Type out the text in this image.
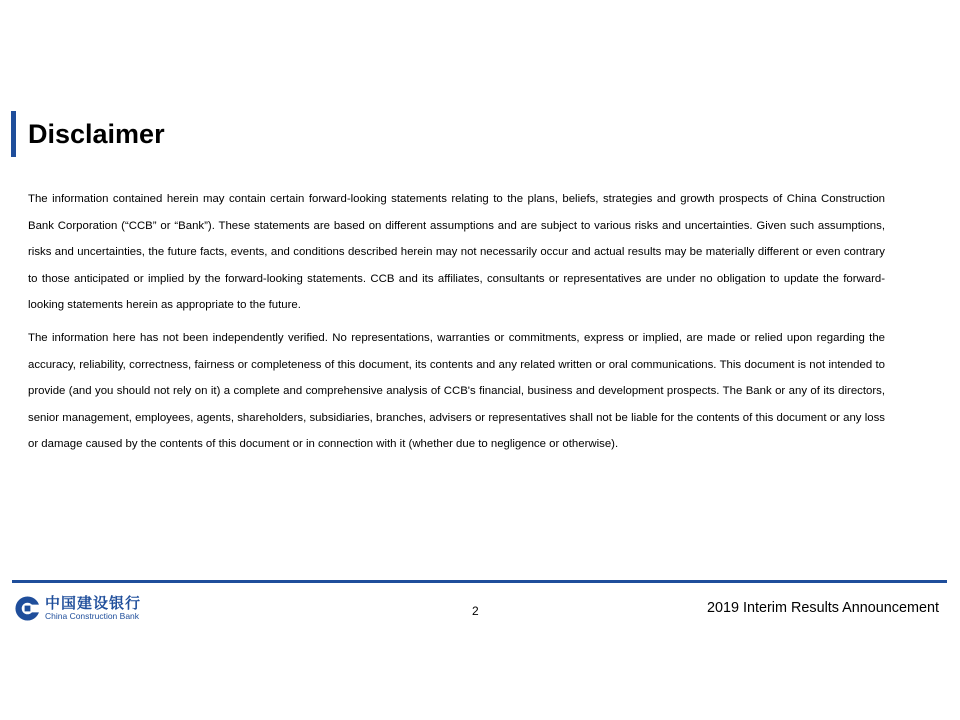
Disclaimer

The information contained herein may contain certain forward-looking statements relating to the plans, beliefs, strategies and growth prospects of China Construction Bank Corporation (“CCB” or “Bank”). These statements are based on different assumptions and are subject to various risks and uncertainties. Given such assumptions, risks and uncertainties, the future facts, events, and conditions described herein may not necessarily occur and actual results may be materially different or even contrary to those anticipated or implied by the forward-looking statements. CCB and its affiliates, consultants or representatives are under no obligation to update the forward-looking statements herein as appropriate to the future.

The information here has not been independently verified. No representations, warranties or commitments, express or implied, are made or relied upon regarding the accuracy, reliability, correctness, fairness or completeness of this document, its contents and any related written or oral communications. This document is not intended to provide (and you should not rely on it) a complete and comprehensive analysis of CCB's financial, business and development prospects. The Bank or any of its directors, senior management, employees, agents, shareholders, subsidiaries, branches, advisers or representatives shall not be liable for the contents of this document or any loss or damage caused by the contents of this document or in connection with it (whether due to negligence or otherwise).

中国建设银行
China Construction Bank	2	2019 Interim Results Announcement
